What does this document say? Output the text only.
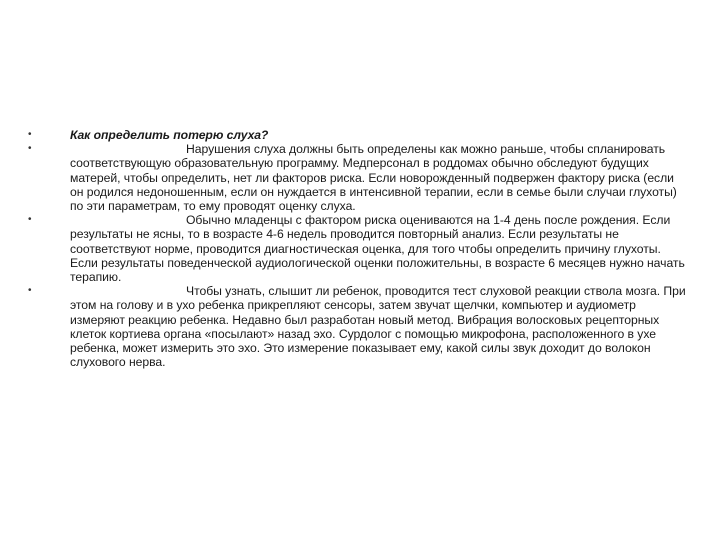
•	Как определить потерю слуха?
•	Нарушения слуха должны быть определены как можно раньше, чтобы спланировать соответствующую образовательную программу. Медперсонал в роддомах обычно обследуют будущих матерей, чтобы определить, нет ли факторов риска. Если новорожденный подвержен фактору риска (если он родился недоношенным, если он нуждается в интенсивной терапии, если в семье были случаи глухоты) по эти параметрам, то ему проводят оценку слуха.
•	Обычно младенцы с фактором риска оцениваются на 1-4 день после рождения. Если результаты не ясны, то в возрасте 4-6 недель проводится повторный анализ. Если результаты не соответствуют норме, проводится диагностическая оценка, для того чтобы определить причину глухоты. Если результаты поведенческой аудиологической оценки положительны, в возрасте 6 месяцев нужно начать терапию.
•	Чтобы узнать, слышит ли ребенок, проводится тест слуховой реакции ствола мозга. При этом на голову и в ухо ребенка прикрепляют сенсоры, затем звучат щелчки, компьютер и аудиометр измеряют реакцию ребенка. Недавно был разработан новый метод. Вибрация волосковых рецепторных клеток кортиева органа «посылают» назад эхо. Сурдолог с помощью микрофона, расположенного в ухе ребенка, может измерить это эхо. Это измерение показывает ему, какой силы звук доходит до волокон слухового нерва.
